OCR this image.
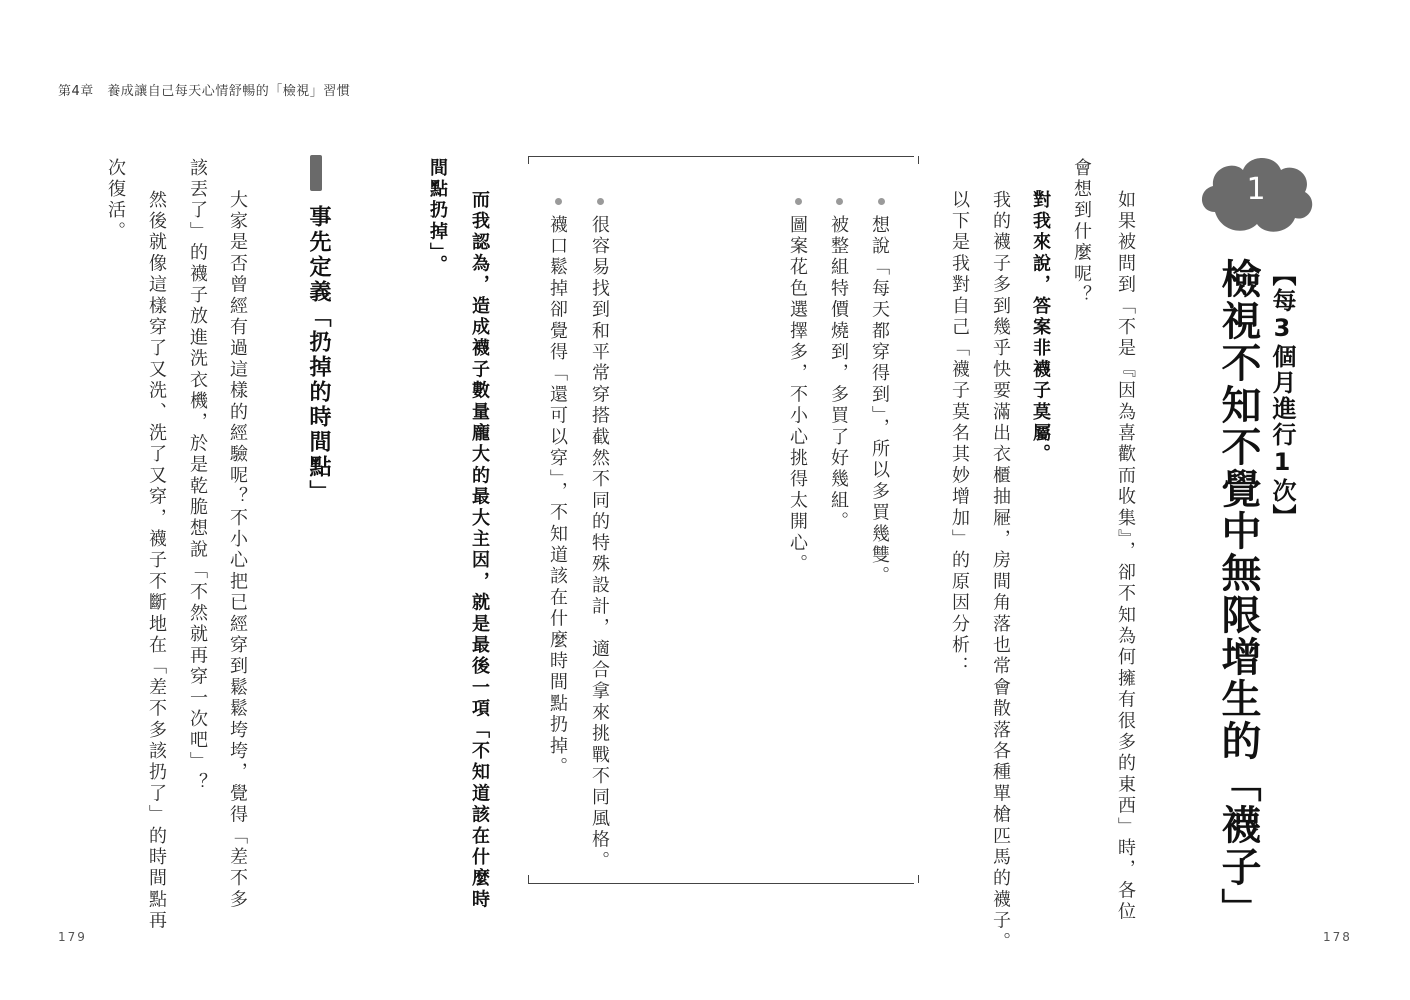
第4章　養成讓自己每天心情舒暢的「檢視」習慣
179	178
1
【每3個月進行1次】
檢視不知不覺中無限增生的「襪子」
如果被問到「不是『因為喜歡而收集』，卻不知為何擁有很多的東西」時，各位
會想到什麼呢？
對我來說，答案非襪子莫屬。
我的襪子多到幾乎快要滿出衣櫃抽屜，房間角落也常會散落各種單槍匹馬的襪子。
以下是我對自己「襪子莫名其妙增加」的原因分析：
想說「每天都穿得到」，所以多買幾雙。
被整組特價燒到，多買了好幾組。
圖案花色選擇多，不小心挑得太開心。
很容易找到和平常穿搭截然不同的特殊設計，適合拿來挑戰不同風格。
襪口鬆掉卻覺得「還可以穿」，不知道該在什麼時間點扔掉。
而我認為，造成襪子數量龐大的最大主因，就是最後一項「不知道該在什麼時
間點扔掉」。
事先定義「扔掉的時間點」
大家是否曾經有過這樣的經驗呢？不小心把已經穿到鬆鬆垮垮，覺得「差不多
該丟了」的襪子放進洗衣機，於是乾脆想說「不然就再穿一次吧」？
然後就像這樣穿了又洗、洗了又穿，襪子不斷地在「差不多該扔了」的時間點再
次復活。
